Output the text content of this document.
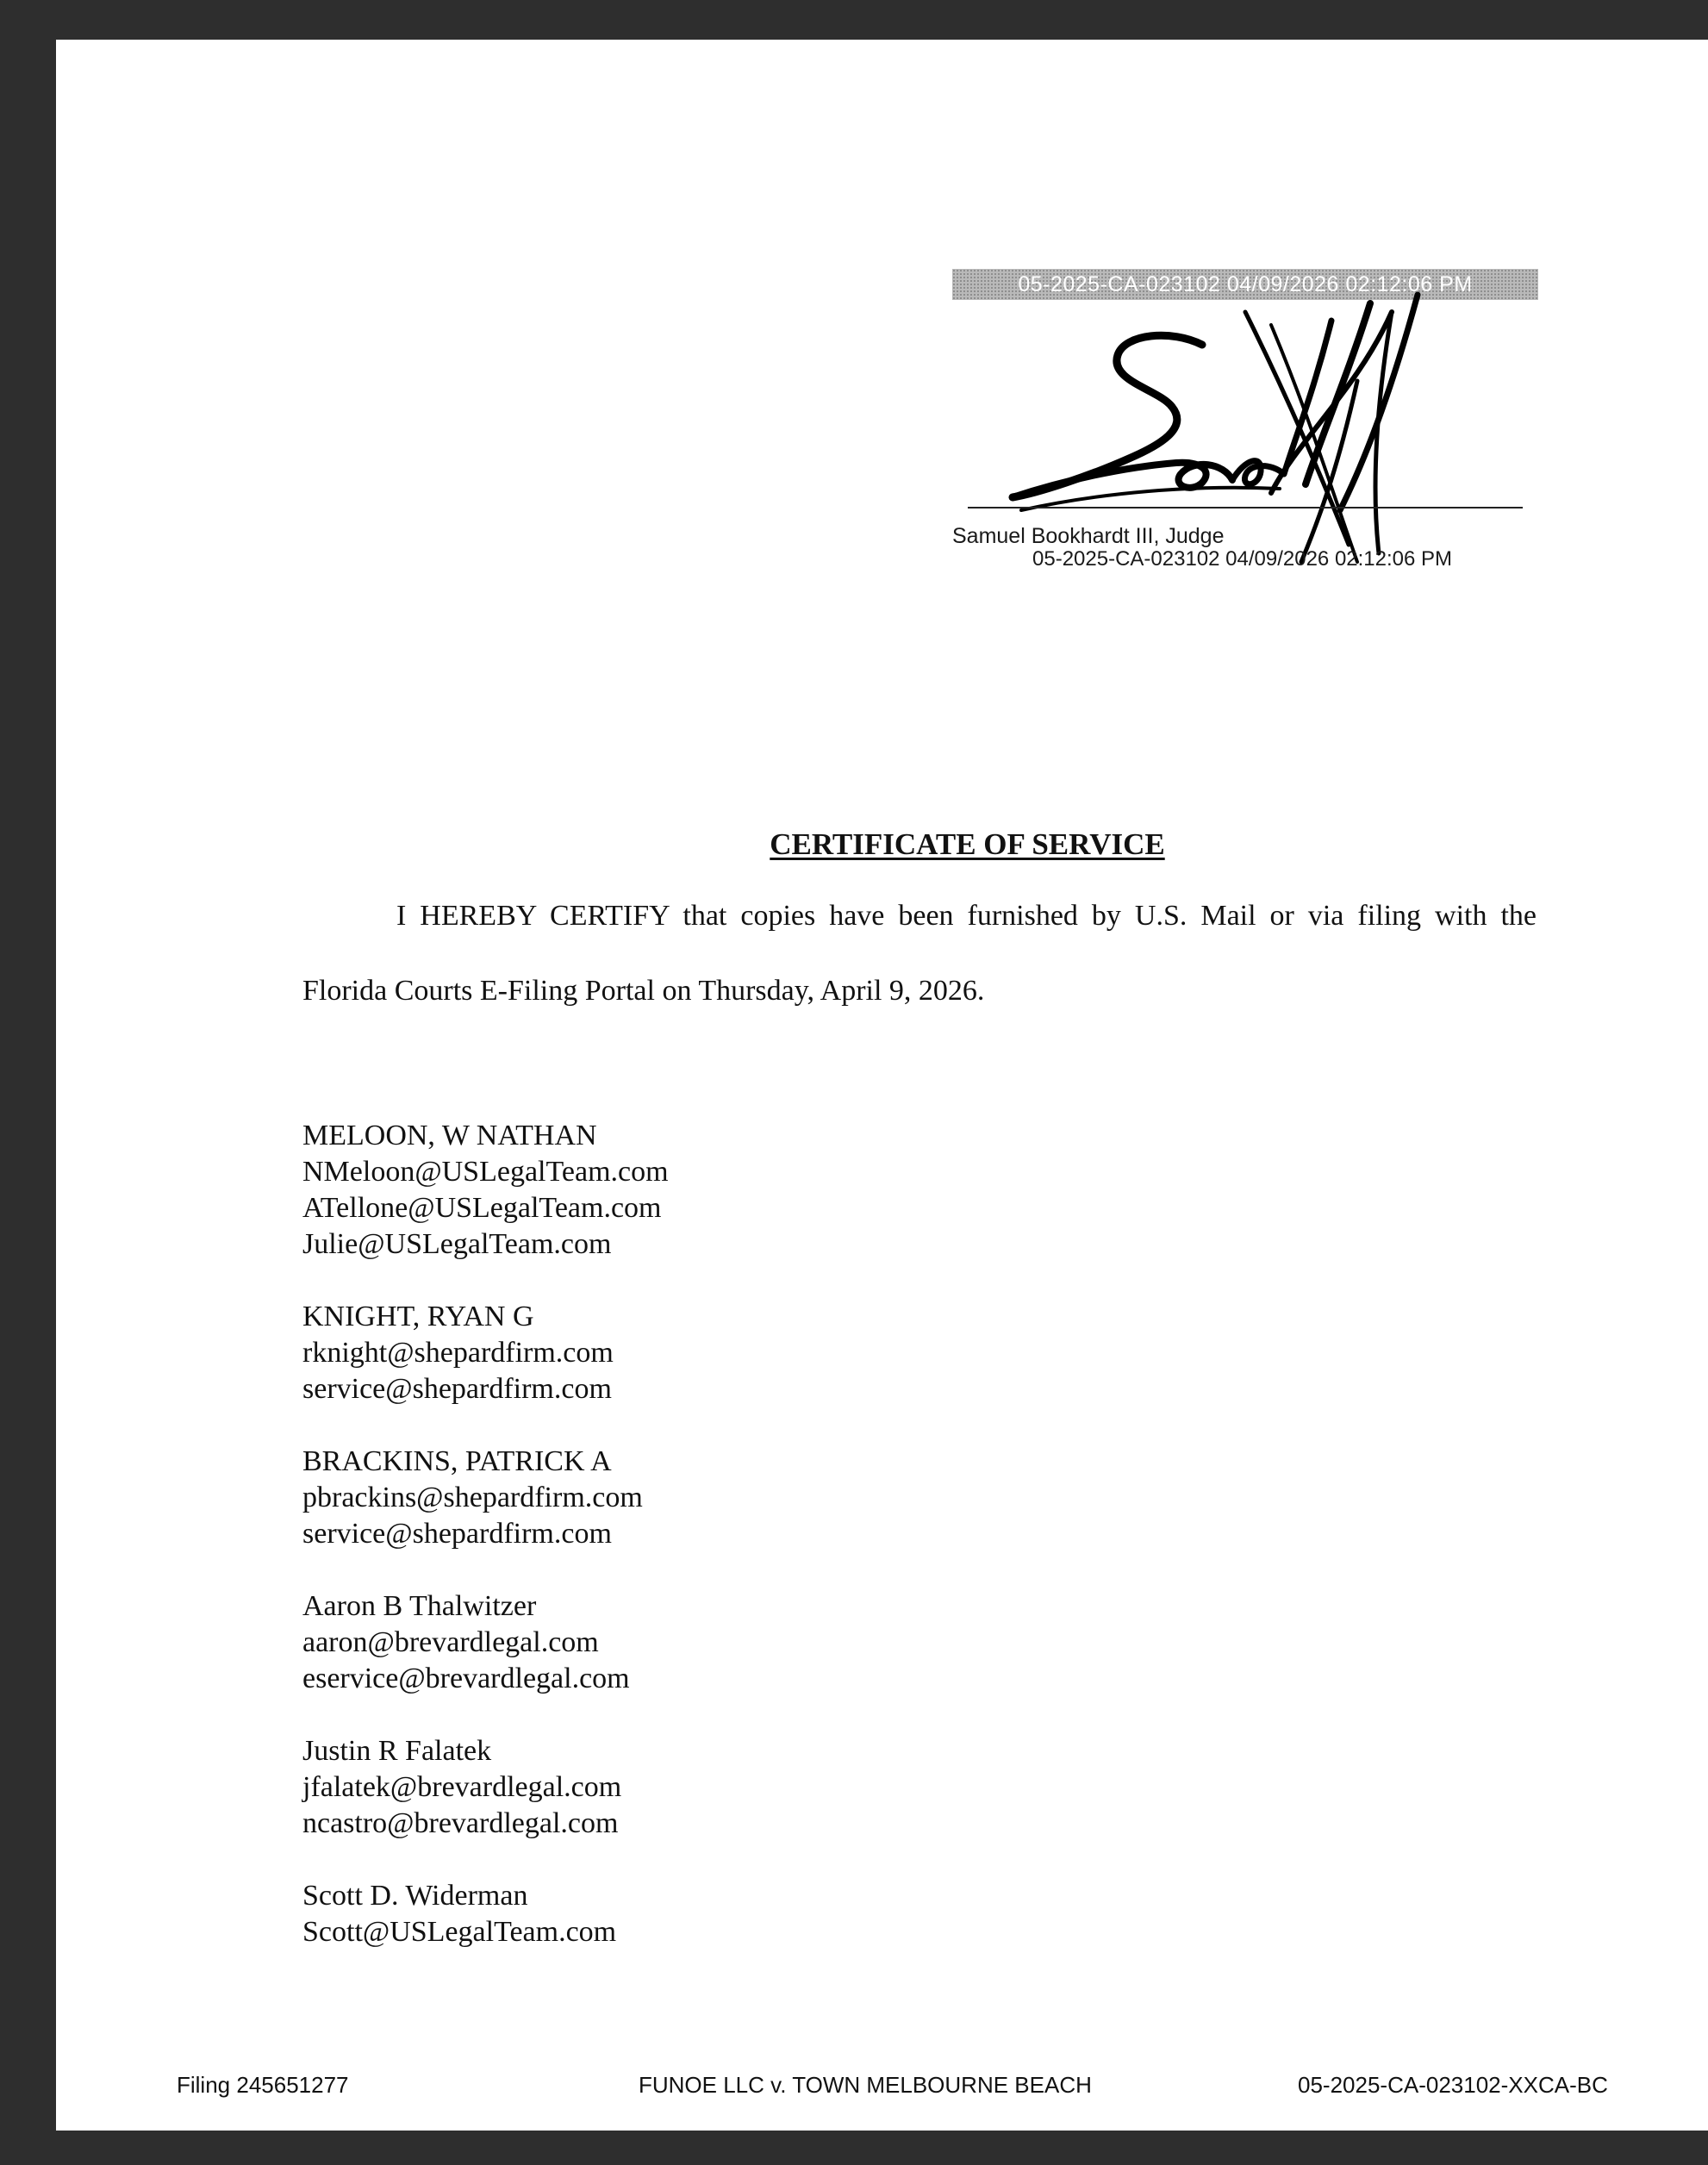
05-2025-CA-023102 04/09/2026 02:12:06 PM
Samuel Bookhardt III, Judge
05-2025-CA-023102 04/09/2026 02:12:06 PM
CERTIFICATE OF SERVICE
I HEREBY CERTIFY that copies have been furnished by U.S. Mail or via filing with the
Florida Courts E-Filing Portal on Thursday, April 9, 2026.
MELOON, W NATHAN
NMeloon@USLegalTeam.com
ATellone@USLegalTeam.com
Julie@USLegalTeam.com
KNIGHT, RYAN G
rknight@shepardfirm.com
service@shepardfirm.com
BRACKINS, PATRICK A
pbrackins@shepardfirm.com
service@shepardfirm.com
Aaron B Thalwitzer
aaron@brevardlegal.com
eservice@brevardlegal.com
Justin R Falatek
jfalatek@brevardlegal.com
ncastro@brevardlegal.com
Scott D. Widerman
Scott@USLegalTeam.com
Filing 245651277	FUNOE LLC v. TOWN MELBOURNE BEACH	05-2025-CA-023102-XXCA-BC
